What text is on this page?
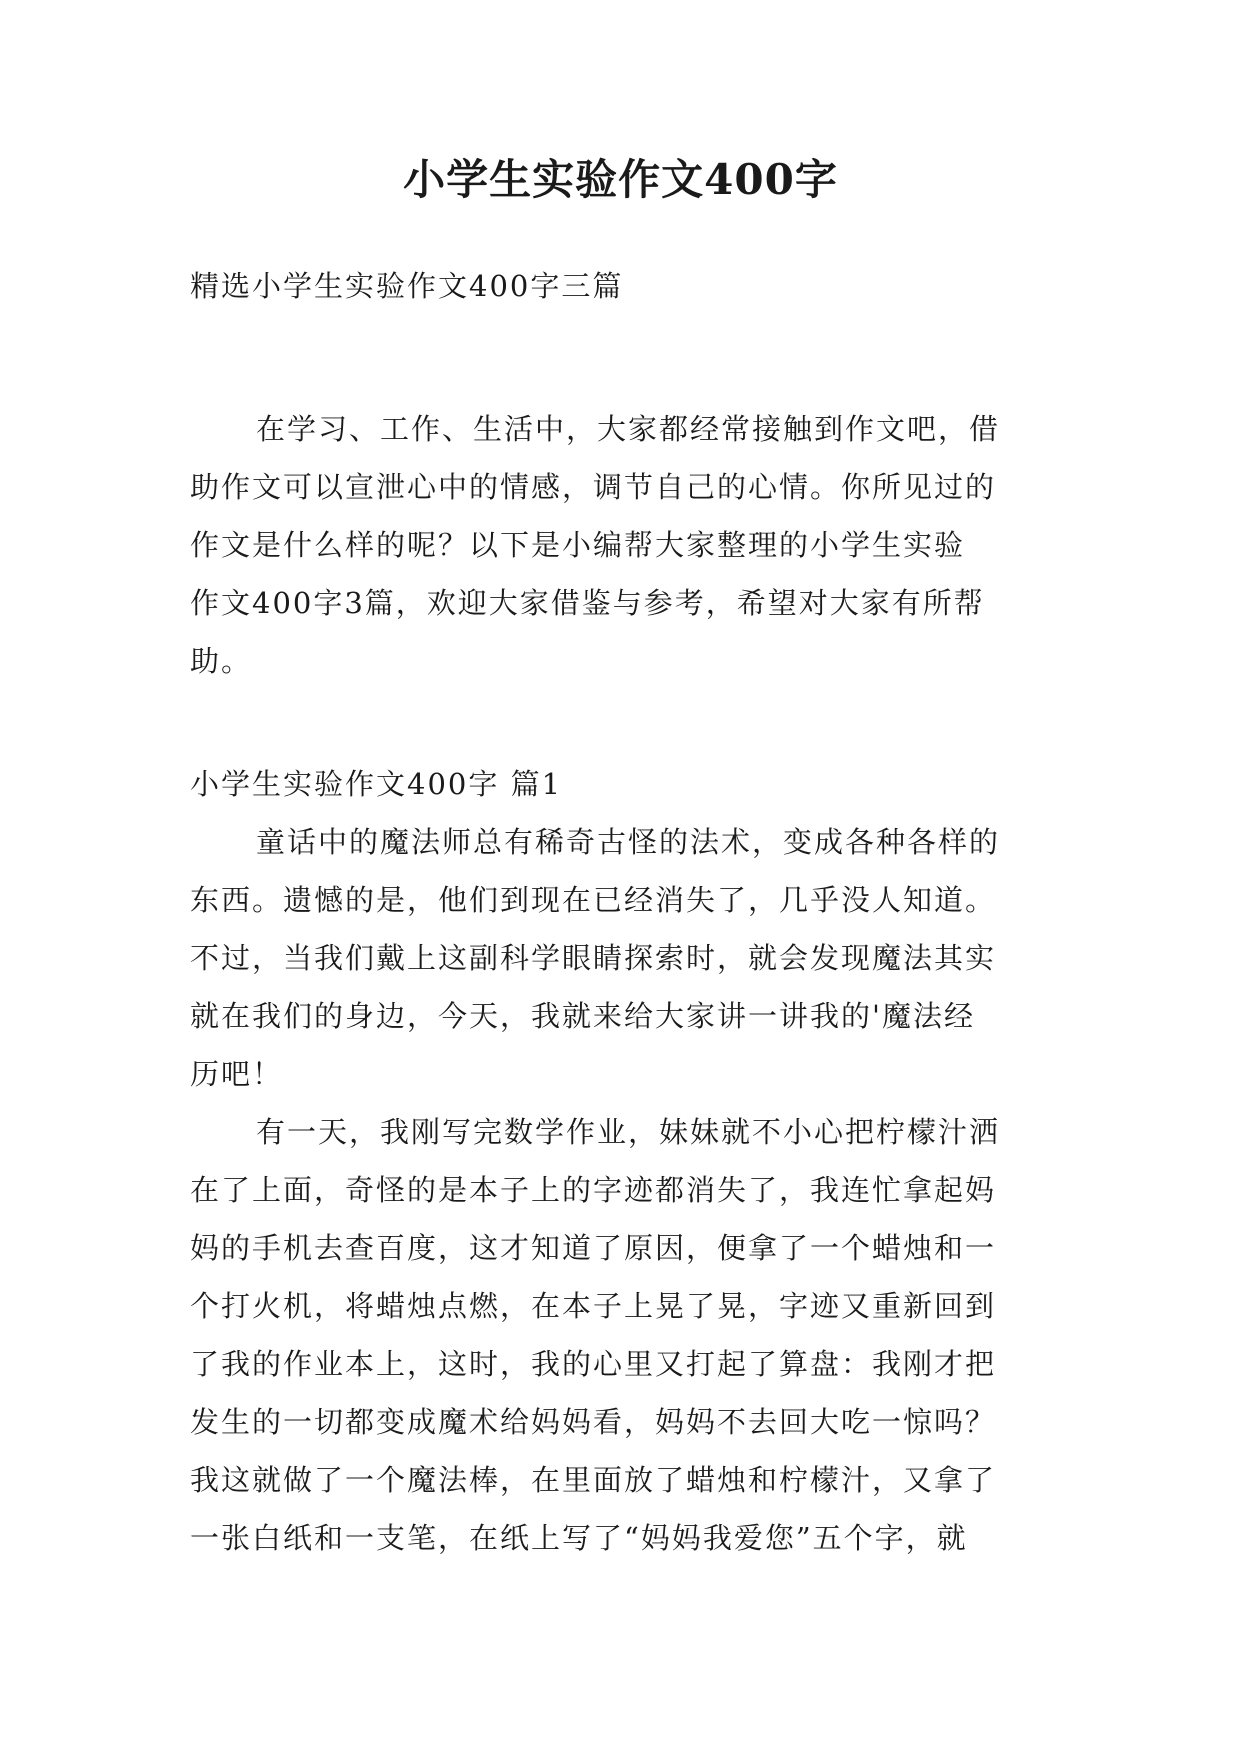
小学生实验作文400字
精选小学生实验作文400字三篇
在学习、工作、生活中，大家都经常接触到作文吧，借
助作文可以宣泄心中的情感，调节自己的心情。你所见过的
作文是什么样的呢？以下是小编帮大家整理的小学生实验
作文400字3篇，欢迎大家借鉴与参考，希望对大家有所帮
助。
小学生实验作文400字 篇1
童话中的魔法师总有稀奇古怪的法术，变成各种各样的
东西。遗憾的是，他们到现在已经消失了，几乎没人知道。
不过，当我们戴上这副科学眼睛探索时，就会发现魔法其实
就在我们的身边，今天，我就来给大家讲一讲我的'魔法经
历吧！
有一天，我刚写完数学作业，妹妹就不小心把柠檬汁洒
在了上面，奇怪的是本子上的字迹都消失了，我连忙拿起妈
妈的手机去查百度，这才知道了原因，便拿了一个蜡烛和一
个打火机，将蜡烛点燃，在本子上晃了晃，字迹又重新回到
了我的作业本上，这时，我的心里又打起了算盘：我刚才把
发生的一切都变成魔术给妈妈看，妈妈不去回大吃一惊吗？
我这就做了一个魔法棒，在里面放了蜡烛和柠檬汁，又拿了
一张白纸和一支笔，在纸上写了“妈妈我爱您”五个字，就
